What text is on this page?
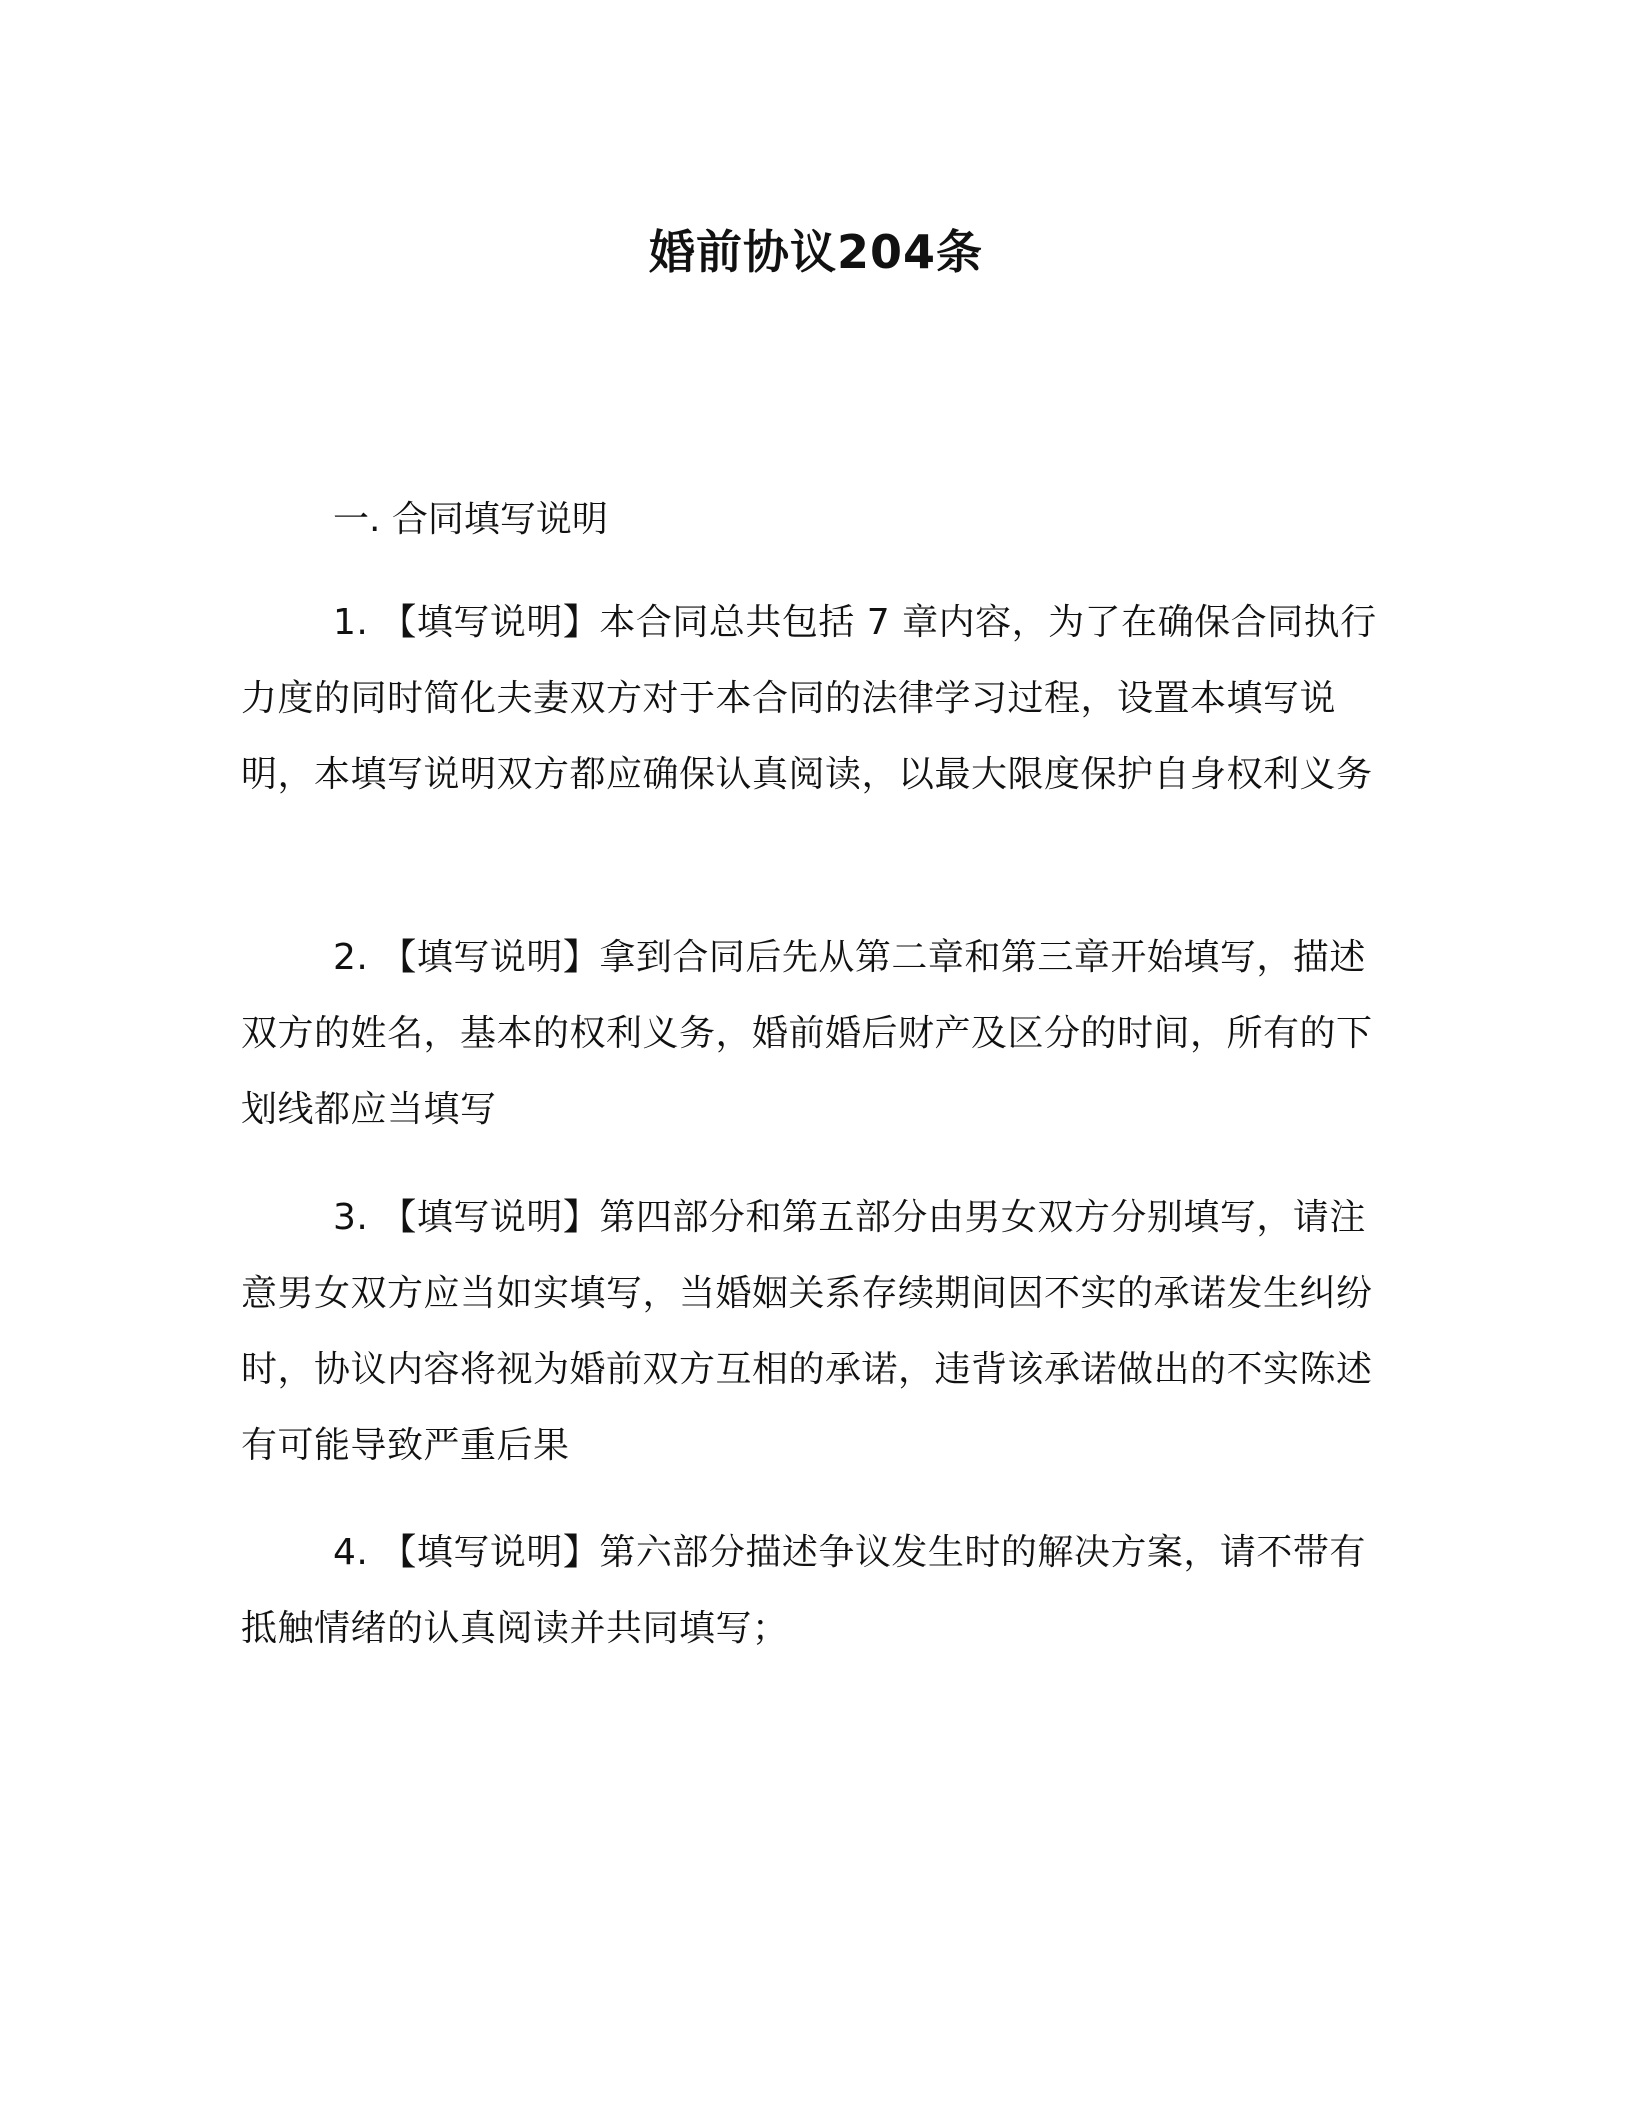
婚前协议204条
一. 合同填写说明

1. 【填写说明】本合同总共包括 7 章内容，为了在确保合同执行力度的同时简化夫妻双方对于本合同的法律学习过程，设置本填写说明，本填写说明双方都应确保认真阅读，以最大限度保护自身权利义务

2. 【填写说明】拿到合同后先从第二章和第三章开始填写，描述双方的姓名，基本的权利义务，婚前婚后财产及区分的时间，所有的下划线都应当填写

3. 【填写说明】第四部分和第五部分由男女双方分别填写，请注意男女双方应当如实填写，当婚姻关系存续期间因不实的承诺发生纠纷时，协议内容将视为婚前双方互相的承诺，违背该承诺做出的不实陈述有可能导致严重后果

4. 【填写说明】第六部分描述争议发生时的解决方案，请不带有抵触情绪的认真阅读并共同填写；
